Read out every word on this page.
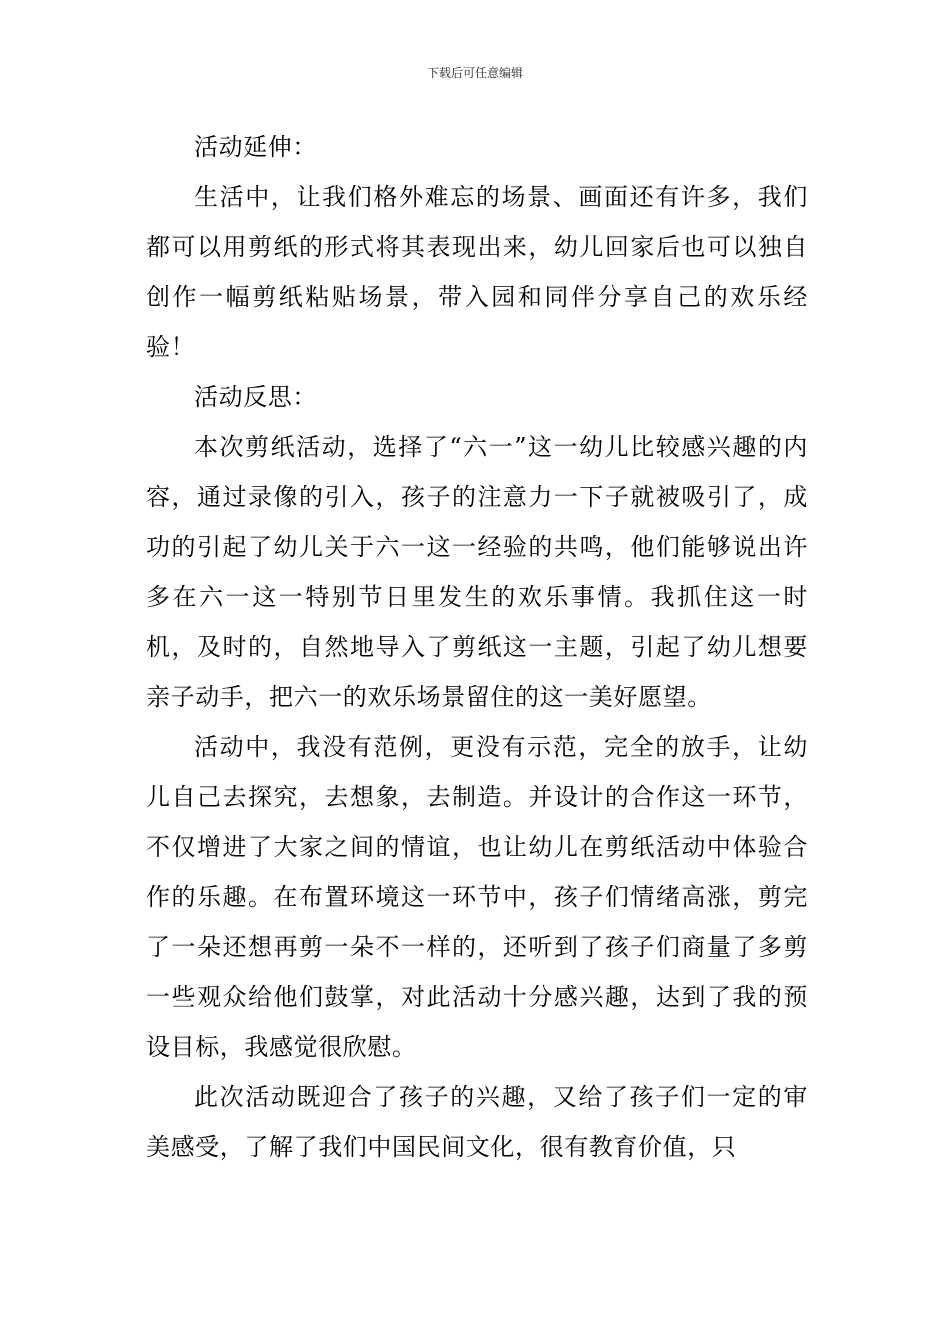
下载后可任意编辑

活动延伸：

生活中，让我们格外难忘的场景、画面还有许多，我们都可以用剪纸的形式将其表现出来，幼儿回家后也可以独自创作一幅剪纸粘贴场景，带入园和同伴分享自己的欢乐经验！

活动反思：

本次剪纸活动，选择了“六一”这一幼儿比较感兴趣的内容，通过录像的引入，孩子的注意力一下子就被吸引了，成功的引起了幼儿关于六一这一经验的共鸣，他们能够说出许多在六一这一特别节日里发生的欢乐事情。我抓住这一时机，及时的，自然地导入了剪纸这一主题，引起了幼儿想要亲子动手，把六一的欢乐场景留住的这一美好愿望。

活动中，我没有范例，更没有示范，完全的放手，让幼儿自己去探究，去想象，去制造。并设计的合作这一环节，不仅增进了大家之间的情谊，也让幼儿在剪纸活动中体验合作的乐趣。在布置环境这一环节中，孩子们情绪高涨，剪完了一朵还想再剪一朵不一样的，还听到了孩子们商量了多剪一些观众给他们鼓掌，对此活动十分感兴趣，达到了我的预设目标，我感觉很欣慰。

此次活动既迎合了孩子的兴趣，又给了孩子们一定的审美感受，了解了我们中国民间文化，很有教育价值，只
